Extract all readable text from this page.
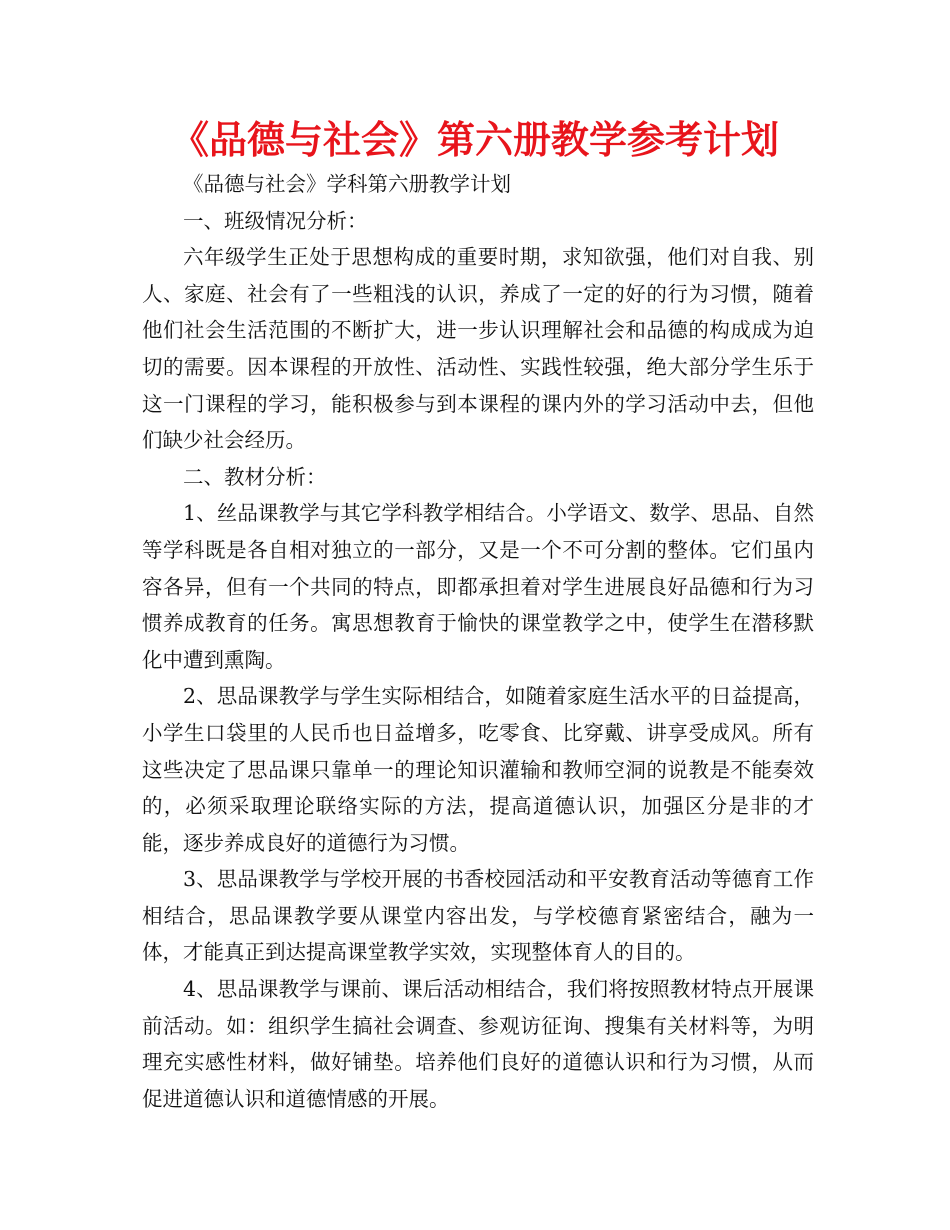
《品德与社会》第六册教学参考计划

《品德与社会》学科第六册教学计划

一、班级情况分析：

六年级学生正处于思想构成的重要时期，求知欲强，他们对自我、别人、家庭、社会有了一些粗浅的认识，养成了一定的好的行为习惯，随着他们社会生活范围的不断扩大，进一步认识理解社会和品德的构成成为迫切的需要。因本课程的开放性、活动性、实践性较强，绝大部分学生乐于这一门课程的学习，能积极参与到本课程的课内外的学习活动中去，但他们缺少社会经历。

二、教材分析：

1、丝品课教学与其它学科教学相结合。小学语文、数学、思品、自然等学科既是各自相对独立的一部分，又是一个不可分割的整体。它们虽内容各异，但有一个共同的特点，即都承担着对学生进展良好品德和行为习惯养成教育的任务。寓思想教育于愉快的课堂教学之中，使学生在潜移默化中遭到熏陶。

2、思品课教学与学生实际相结合，如随着家庭生活水平的日益提高，小学生口袋里的人民币也日益增多，吃零食、比穿戴、讲享受成风。所有这些决定了思品课只靠单一的理论知识灌输和教师空洞的说教是不能奏效的，必须采取理论联络实际的方法，提高道德认识，加强区分是非的才能，逐步养成良好的道德行为习惯。

3、思品课教学与学校开展的书香校园活动和平安教育活动等德育工作相结合，思品课教学要从课堂内容出发，与学校德育紧密结合，融为一体，才能真正到达提高课堂教学实效，实现整体育人的目的。

4、思品课教学与课前、课后活动相结合，我们将按照教材特点开展课前活动。如：组织学生搞社会调查、参观访征询、搜集有关材料等，为明理充实感性材料，做好铺垫。培养他们良好的道德认识和行为习惯，从而促进道德认识和道德情感的开展。
